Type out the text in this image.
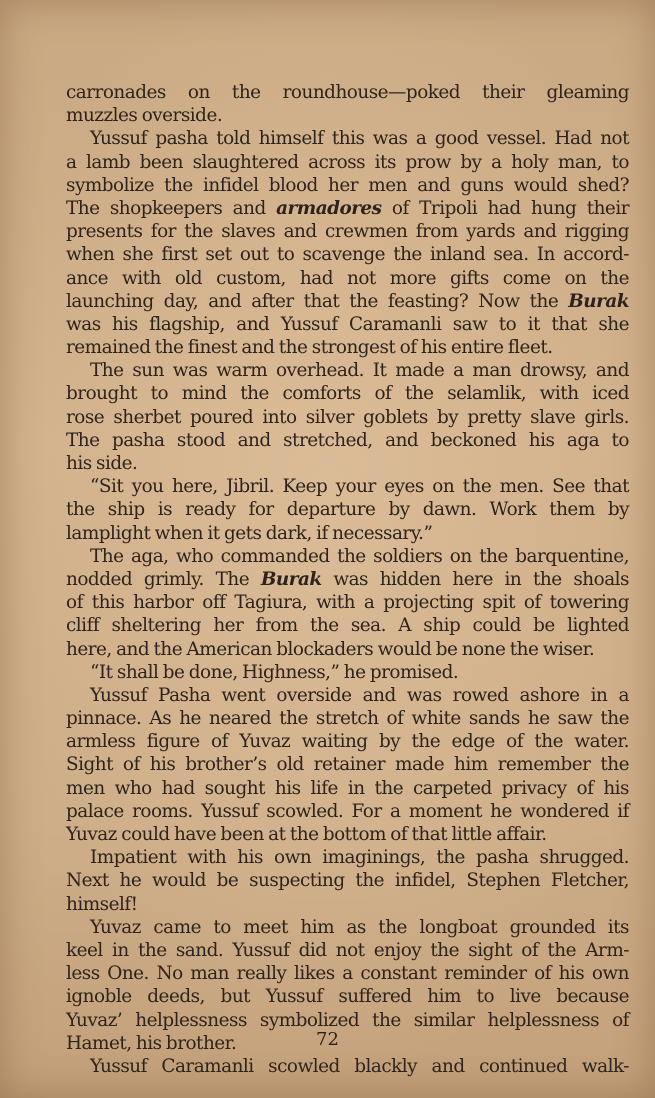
carronades on the roundhouse—poked their gleaming
muzzles overside.
Yussuf pasha told himself this was a good vessel. Had not
a lamb been slaughtered across its prow by a holy man, to
symbolize the infidel blood her men and guns would shed?
The shopkeepers and armadores of Tripoli had hung their
presents for the slaves and crewmen from yards and rigging
when she first set out to scavenge the inland sea. In accord-
ance with old custom, had not more gifts come on the
launching day, and after that the feasting? Now the Burak
was his flagship, and Yussuf Caramanli saw to it that she
remained the finest and the strongest of his entire fleet.
The sun was warm overhead. It made a man drowsy, and
brought to mind the comforts of the selamlik, with iced
rose sherbet poured into silver goblets by pretty slave girls.
The pasha stood and stretched, and beckoned his aga to
his side.
“Sit you here, Jibril. Keep your eyes on the men. See that
the ship is ready for departure by dawn. Work them by
lamplight when it gets dark, if necessary.”
The aga, who commanded the soldiers on the barquentine,
nodded grimly. The Burak was hidden here in the shoals
of this harbor off Tagiura, with a projecting spit of towering
cliff sheltering her from the sea. A ship could be lighted
here, and the American blockaders would be none the wiser.
“It shall be done, Highness,” he promised.
Yussuf Pasha went overside and was rowed ashore in a
pinnace. As he neared the stretch of white sands he saw the
armless figure of Yuvaz waiting by the edge of the water.
Sight of his brother’s old retainer made him remember the
men who had sought his life in the carpeted privacy of his
palace rooms. Yussuf scowled. For a moment he wondered if
Yuvaz could have been at the bottom of that little affair.
Impatient with his own imaginings, the pasha shrugged.
Next he would be suspecting the infidel, Stephen Fletcher,
himself!
Yuvaz came to meet him as the longboat grounded its
keel in the sand. Yussuf did not enjoy the sight of the Arm-
less One. No man really likes a constant reminder of his own
ignoble deeds, but Yussuf suffered him to live because
Yuvaz’ helplessness symbolized the similar helplessness of
Hamet, his brother.
Yussuf Caramanli scowled blackly and continued walk-
72
